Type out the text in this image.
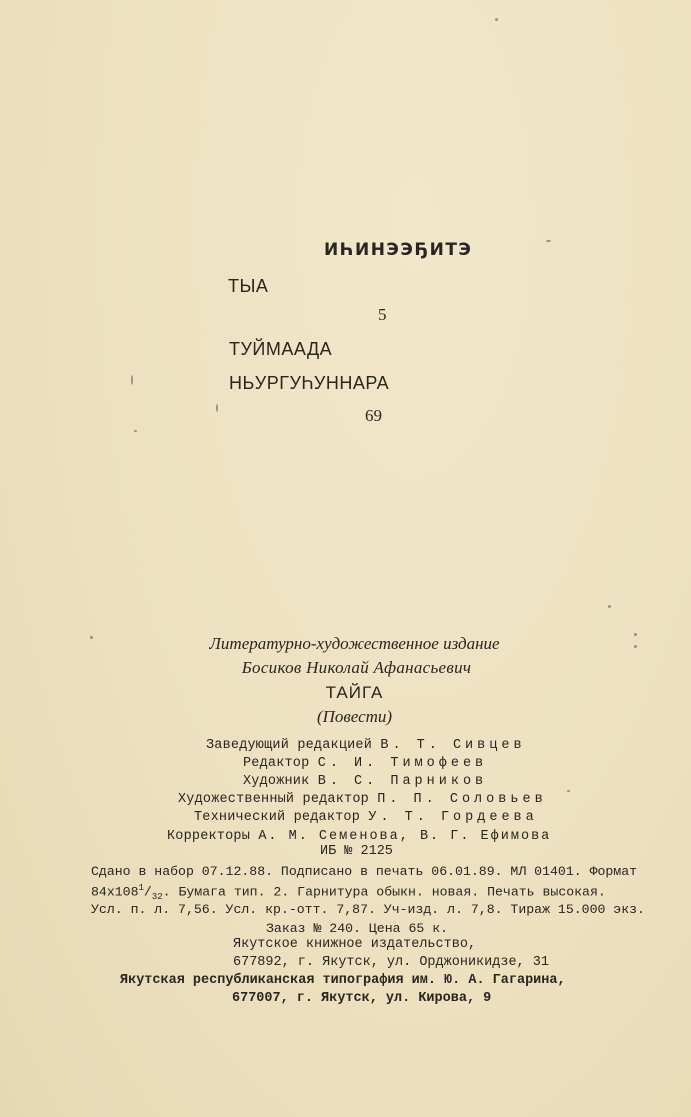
ИҺИНЭЭҔИТЭ
ТЫА
5
ТУЙМААДА
НЬУРГУҺУННАРА
69
Литературно-художественное издание
Босиков Николай Афанасьевич
ТАЙГА
(Повести)
Заведующий редакцией В. Т. Сивцев
Редактор С. И. Тимофеев
Художник В. С. Парников
Художественный редактор П. П. Соловьев
Технический редактор У. Т. Гордеева
Корректоры А. М. Семенова, В. Г. Ефимова
ИБ № 2125
Сдано в набор 07.12.88. Подписано в печать 06.01.89. МЛ 01401. Формат
$84х108^1/_{32}$. Бумага тип. 2. Гарнитура обыкн. новая. Печать высокая.
Усл. п. л. 7,56. Усл. кр.-отт. 7,87. Уч-изд. л. 7,8. Тираж 15.000 экз.
Заказ № 240. Цена 65 к.
Якутское книжное издательство,
677892, г. Якутск, ул. Орджоникидзе, 31
Якутская республиканская типография им. Ю. А. Гагарина,
677007, г. Якутск, ул. Кирова, 9
